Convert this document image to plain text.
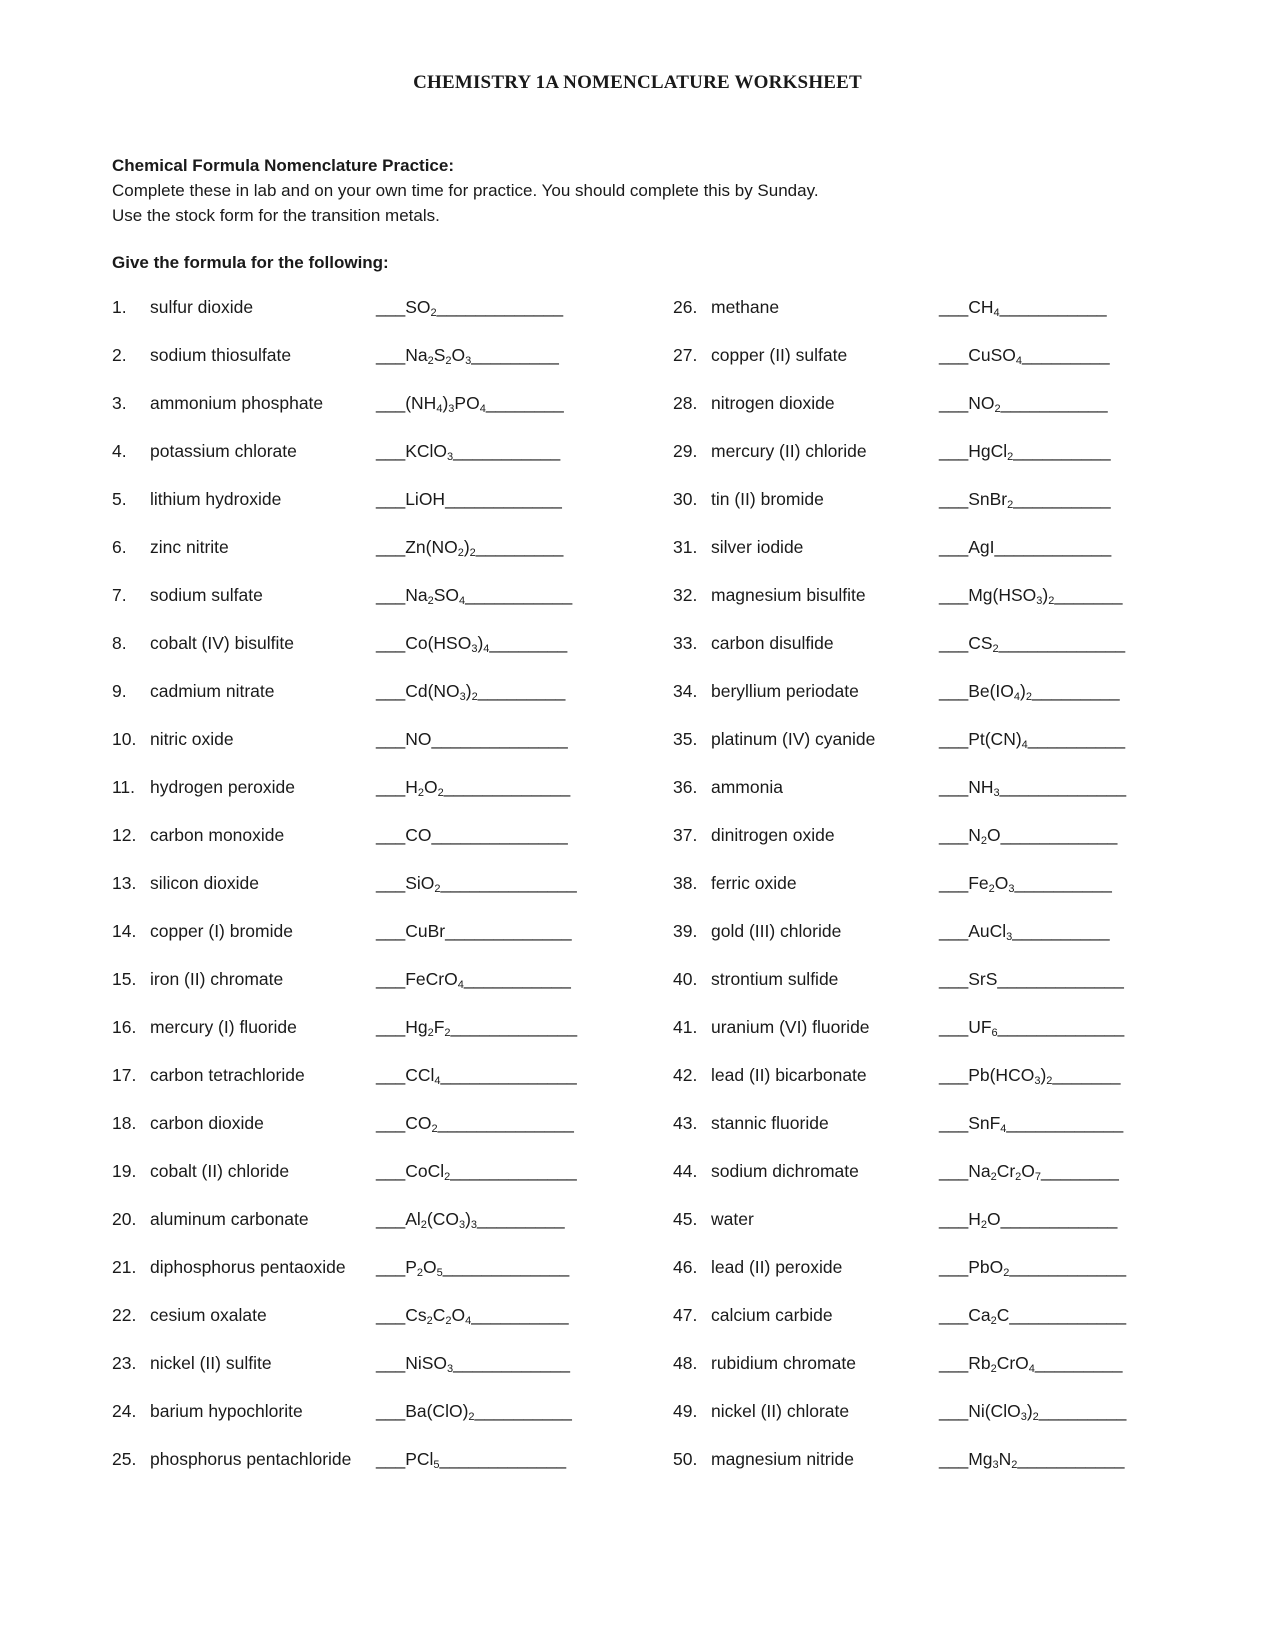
CHEMISTRY 1A NOMENCLATURE WORKSHEET
Chemical Formula Nomenclature Practice:
Complete these in lab and on your own time for practice. You should complete this by Sunday.
Use the stock form for the transition metals.
Give the formula for the following:
1. sulfur dioxide	$\_\_\_SO_2\_\_\_\_\_\_\_\_\_\_\_\_\_$
2. sodium thiosulfate	$\_\_\_Na_2S_2O_3\_\_\_\_\_\_\_\_\_$
3. ammonium phosphate	$\_\_\_(NH_4)_3PO_4\_\_\_\_\_\_\_\_$
4. potassium chlorate	___KClO$_3$___________
5. lithium hydroxide	___LiOH____________
6. zinc nitrite	$\_\_\_Zn(NO_2)_2\_\_\_\_\_\_\_\_\_$
7. sodium sulfate	$\_\_\_Na_2SO_4\_\_\_\_\_\_\_\_\_\_\_$
8. cobalt (IV) bisulfite	$\_\_\_Co(HSO_3)_4\_\_\_\_\_\_\_\_$
9. cadmium nitrate	$\_\_\_Cd(NO_3)_2\_\_\_\_\_\_\_\_\_$
10. nitric oxide	___NO______________
11. hydrogen peroxide	$\_\_\_H_2O_2\_\_\_\_\_\_\_\_\_\_\_\_\_$
12. carbon monoxide	___CO______________
13. silicon dioxide	___SiO$_2$______________
14. copper (I) bromide	___CuBr_____________
15. iron (II) chromate	___FeCrO$_4$___________
16. mercury (I) fluoride	$\_\_\_Hg_2F_2\_\_\_\_\_\_\_\_\_\_\_\_\_$
17. carbon tetrachloride	___CCl$_4$______________
18. carbon dioxide	$\_\_\_CO_2\_\_\_\_\_\_\_\_\_\_\_\_\_\_$
19. cobalt (II) chloride	___CoCl$_2$_____________
20. aluminum carbonate	$\_\_\_Al_2(CO_3)_3\_\_\_\_\_\_\_\_\_$
21. diphosphorus pentaoxide $\_\_\_P_2O_5\_\_\_\_\_\_\_\_\_\_\_\_\_$
22. cesium oxalate	$\_\_\_Cs_2C_2O_4\_\_\_\_\_\_\_\_\_\_$
23. nickel (II) sulfite	___NiSO$_3$____________
24. barium hypochlorite	$\_\_\_Ba(ClO)_2\_\_\_\_\_\_\_\_\_\_$
25. phosphorus pentachloride ___PCl$_5$_____________
26. methane	$\_\_\_CH_4\_\_\_\_\_\_\_\_\_\_\_$
27. copper (II) sulfate	___CuSO$_4$_________
28. nitrogen dioxide	$\_\_\_NO_2\_\_\_\_\_\_\_\_\_\_\_$
29. mercury (II) chloride	___HgCl$_2$__________
30. tin (II) bromide	___SnBr$_2$__________
31. silver iodide	___AgI____________
32. magnesium bisulfite	$\_\_\_Mg(HSO_3)_2\_\_\_\_\_\_\_$
33. carbon disulfide	$\_\_\_CS_2\_\_\_\_\_\_\_\_\_\_\_\_\_$
34. beryllium periodate	$\_\_\_Be(IO_4)_2\_\_\_\_\_\_\_\_\_$
35. platinum (IV) cyanide	$\_\_\_Pt(CN)_4\_\_\_\_\_\_\_\_\_\_$
36. ammonia	$\_\_\_NH_3\_\_\_\_\_\_\_\_\_\_\_\_\_$
37. dinitrogen oxide	$\_\_\_N_2O\_\_\_\_\_\_\_\_\_\_\_\_$
38. ferric oxide	$\_\_\_Fe_2O_3\_\_\_\_\_\_\_\_\_\_$
39. gold (III) chloride	___AuCl$_3$__________
40. strontium sulfide	___SrS_____________
41. uranium (VI) fluoride	$\_\_\_UF_6\_\_\_\_\_\_\_\_\_\_\_\_\_$
42. lead (II) bicarbonate	$\_\_\_Pb(HCO_3)_2\_\_\_\_\_\_\_$
43. stannic fluoride	___SnF$_4$____________
44. sodium dichromate	$\_\_\_Na_2Cr_2O_7\_\_\_\_\_\_\_\_$
45. water	$\_\_\_H_2O\_\_\_\_\_\_\_\_\_\_\_\_$
46. lead (II) peroxide	___PbO$_2$____________
47. calcium carbide	$\_\_\_Ca_2C\_\_\_\_\_\_\_\_\_\_\_\_$
48. rubidium chromate	$\_\_\_Rb_2CrO_4\_\_\_\_\_\_\_\_\_$
49. nickel (II) chlorate	$\_\_\_Ni(ClO_3)_2\_\_\_\_\_\_\_\_\_$
50. magnesium nitride	$\_\_\_Mg_3N_2\_\_\_\_\_\_\_\_\_\_\_$
